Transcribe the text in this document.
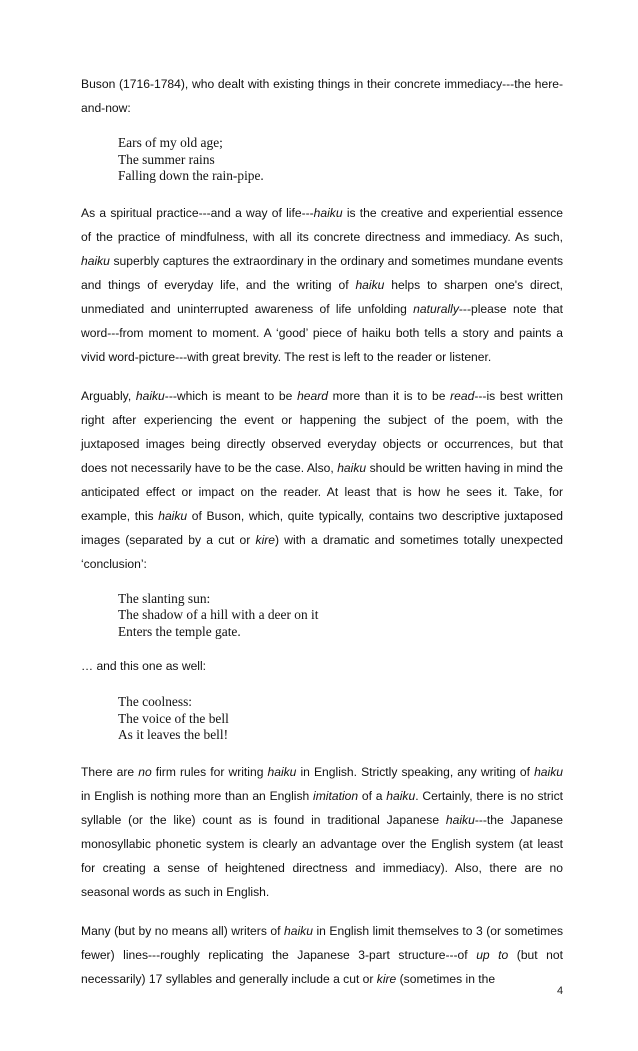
Buson (1716-1784), who dealt with existing things in their concrete immediacy---the here-and-now:

Ears of my old age;
The summer rains
Falling down the rain-pipe.

As a spiritual practice---and a way of life---haiku is the creative and experiential essence of the practice of mindfulness, with all its concrete directness and immediacy. As such, haiku superbly captures the extraordinary in the ordinary and sometimes mundane events and things of everyday life, and the writing of haiku helps to sharpen one's direct, unmediated and uninterrupted awareness of life unfolding naturally---please note that word---from moment to moment. A ‘good’ piece of haiku both tells a story and paints a vivid word-picture---with great brevity. The rest is left to the reader or listener.

Arguably, haiku---which is meant to be heard more than it is to be read---is best written right after experiencing the event or happening the subject of the poem, with the juxtaposed images being directly observed everyday objects or occurrences, but that does not necessarily have to be the case. Also, haiku should be written having in mind the anticipated effect or impact on the reader. At least that is how he sees it. Take, for example, this haiku of Buson, which, quite typically, contains two descriptive juxtaposed images (separated by a cut or kire) with a dramatic and sometimes totally unexpected ‘conclusion’:

The slanting sun:
The shadow of a hill with a deer on it
Enters the temple gate.

… and this one as well:

The coolness:
The voice of the bell
As it leaves the bell!

There are no firm rules for writing haiku in English. Strictly speaking, any writing of haiku in English is nothing more than an English imitation of a haiku. Certainly, there is no strict syllable (or the like) count as is found in traditional Japanese haiku---the Japanese monosyllabic phonetic system is clearly an advantage over the English system (at least for creating a sense of heightened directness and immediacy). Also, there are no seasonal words as such in English.

Many (but by no means all) writers of haiku in English limit themselves to 3 (or sometimes fewer) lines---roughly replicating the Japanese 3-part structure---of up to (but not necessarily) 17 syllables and generally include a cut or kire (sometimes in the

4
